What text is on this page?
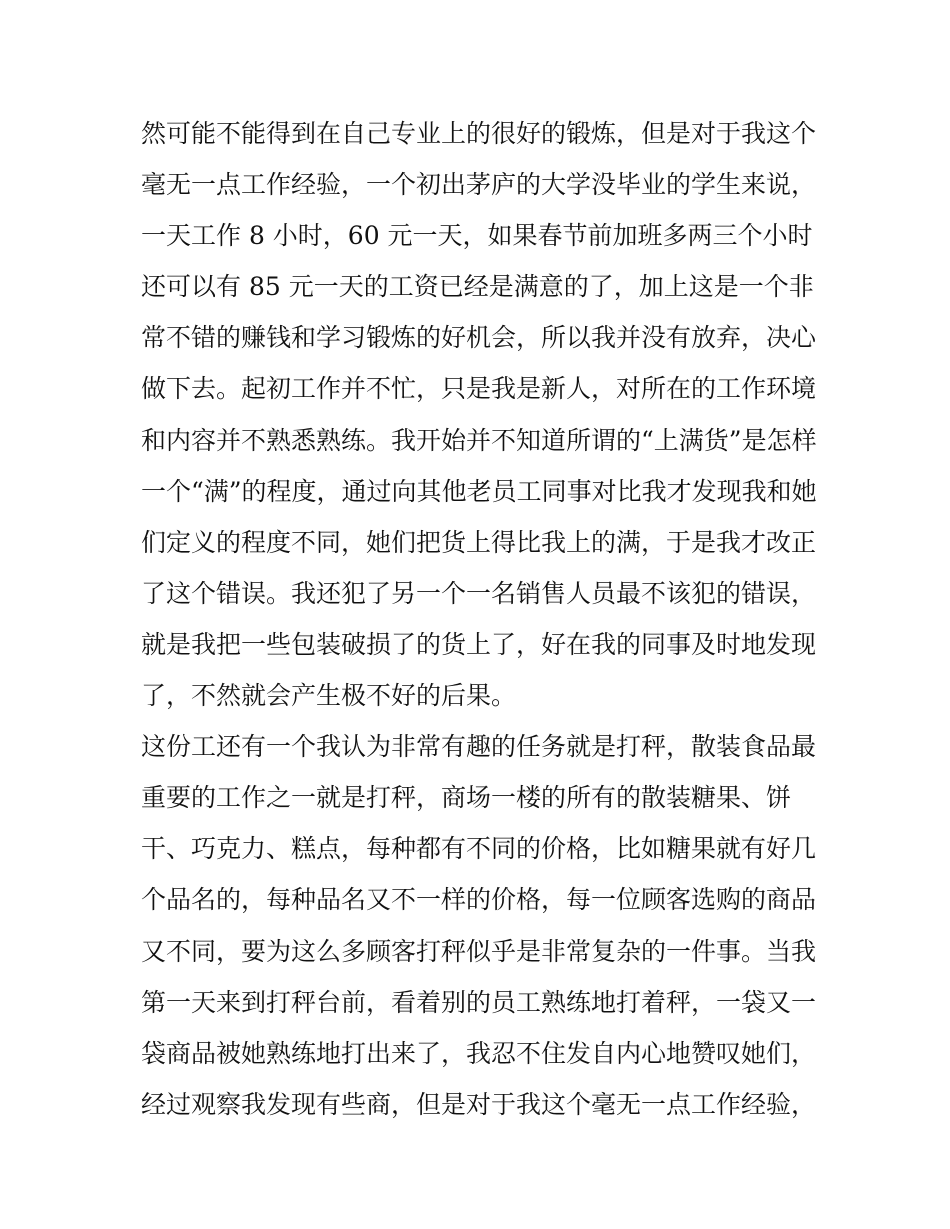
然可能不能得到在自己专业上的很好的锻炼，但是对于我这个
毫无一点工作经验，一个初出茅庐的大学没毕业的学生来说，
一天工作 8 小时，60 元一天，如果春节前加班多两三个小时
还可以有 85 元一天的工资已经是满意的了，加上这是一个非
常不错的赚钱和学习锻炼的好机会，所以我并没有放弃，决心
做下去。起初工作并不忙，只是我是新人，对所在的工作环境
和内容并不熟悉熟练。我开始并不知道所谓的“上满货”是怎样
一个“满”的程度，通过向其他老员工同事对比我才发现我和她
们定义的程度不同，她们把货上得比我上的满，于是我才改正
了这个错误。我还犯了另一个一名销售人员最不该犯的错误，
就是我把一些包装破损了的货上了，好在我的同事及时地发现
了，不然就会产生极不好的后果。
这份工还有一个我认为非常有趣的任务就是打秤，散装食品最
重要的工作之一就是打秤，商场一楼的所有的散装糖果、饼
干、巧克力、糕点，每种都有不同的价格，比如糖果就有好几
个品名的，每种品名又不一样的价格，每一位顾客选购的商品
又不同，要为这么多顾客打秤似乎是非常复杂的一件事。当我
第一天来到打秤台前，看着别的员工熟练地打着秤，一袋又一
袋商品被她熟练地打出来了，我忍不住发自内心地赞叹她们，
经过观察我发现有些商，但是对于我这个毫无一点工作经验，
